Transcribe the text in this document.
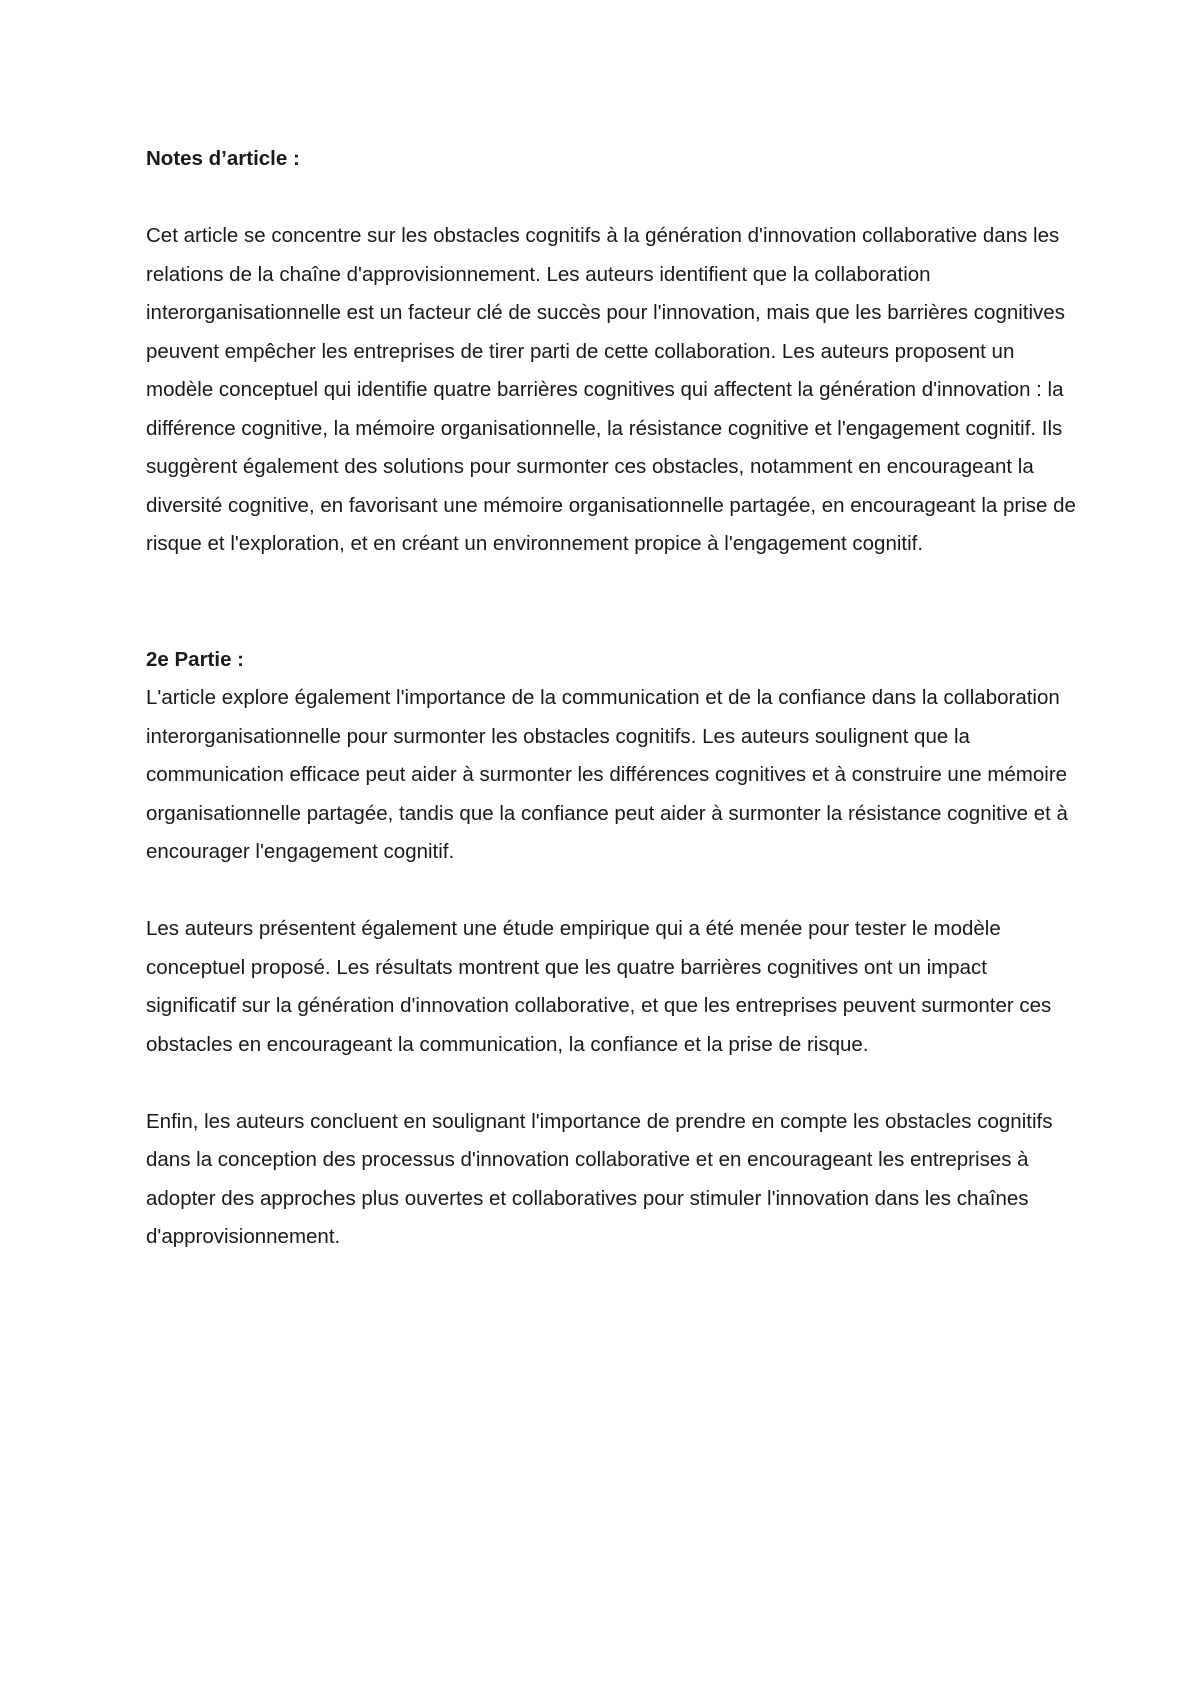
Notes d’article :

Cet article se concentre sur les obstacles cognitifs à la génération d'innovation collaborative dans les relations de la chaîne d'approvisionnement. Les auteurs identifient que la collaboration interorganisationnelle est un facteur clé de succès pour l'innovation, mais que les barrières cognitives peuvent empêcher les entreprises de tirer parti de cette collaboration. Les auteurs proposent un modèle conceptuel qui identifie quatre barrières cognitives qui affectent la génération d'innovation : la différence cognitive, la mémoire organisationnelle, la résistance cognitive et l'engagement cognitif. Ils suggèrent également des solutions pour surmonter ces obstacles, notamment en encourageant la diversité cognitive, en favorisant une mémoire organisationnelle partagée, en encourageant la prise de risque et l'exploration, et en créant un environnement propice à l'engagement cognitif.

2e Partie :

L'article explore également l'importance de la communication et de la confiance dans la collaboration interorganisationnelle pour surmonter les obstacles cognitifs. Les auteurs soulignent que la communication efficace peut aider à surmonter les différences cognitives et à construire une mémoire organisationnelle partagée, tandis que la confiance peut aider à surmonter la résistance cognitive et à encourager l'engagement cognitif.

Les auteurs présentent également une étude empirique qui a été menée pour tester le modèle conceptuel proposé. Les résultats montrent que les quatre barrières cognitives ont un impact significatif sur la génération d'innovation collaborative, et que les entreprises peuvent surmonter ces obstacles en encourageant la communication, la confiance et la prise de risque.

Enfin, les auteurs concluent en soulignant l'importance de prendre en compte les obstacles cognitifs dans la conception des processus d'innovation collaborative et en encourageant les entreprises à adopter des approches plus ouvertes et collaboratives pour stimuler l'innovation dans les chaînes d'approvisionnement.
